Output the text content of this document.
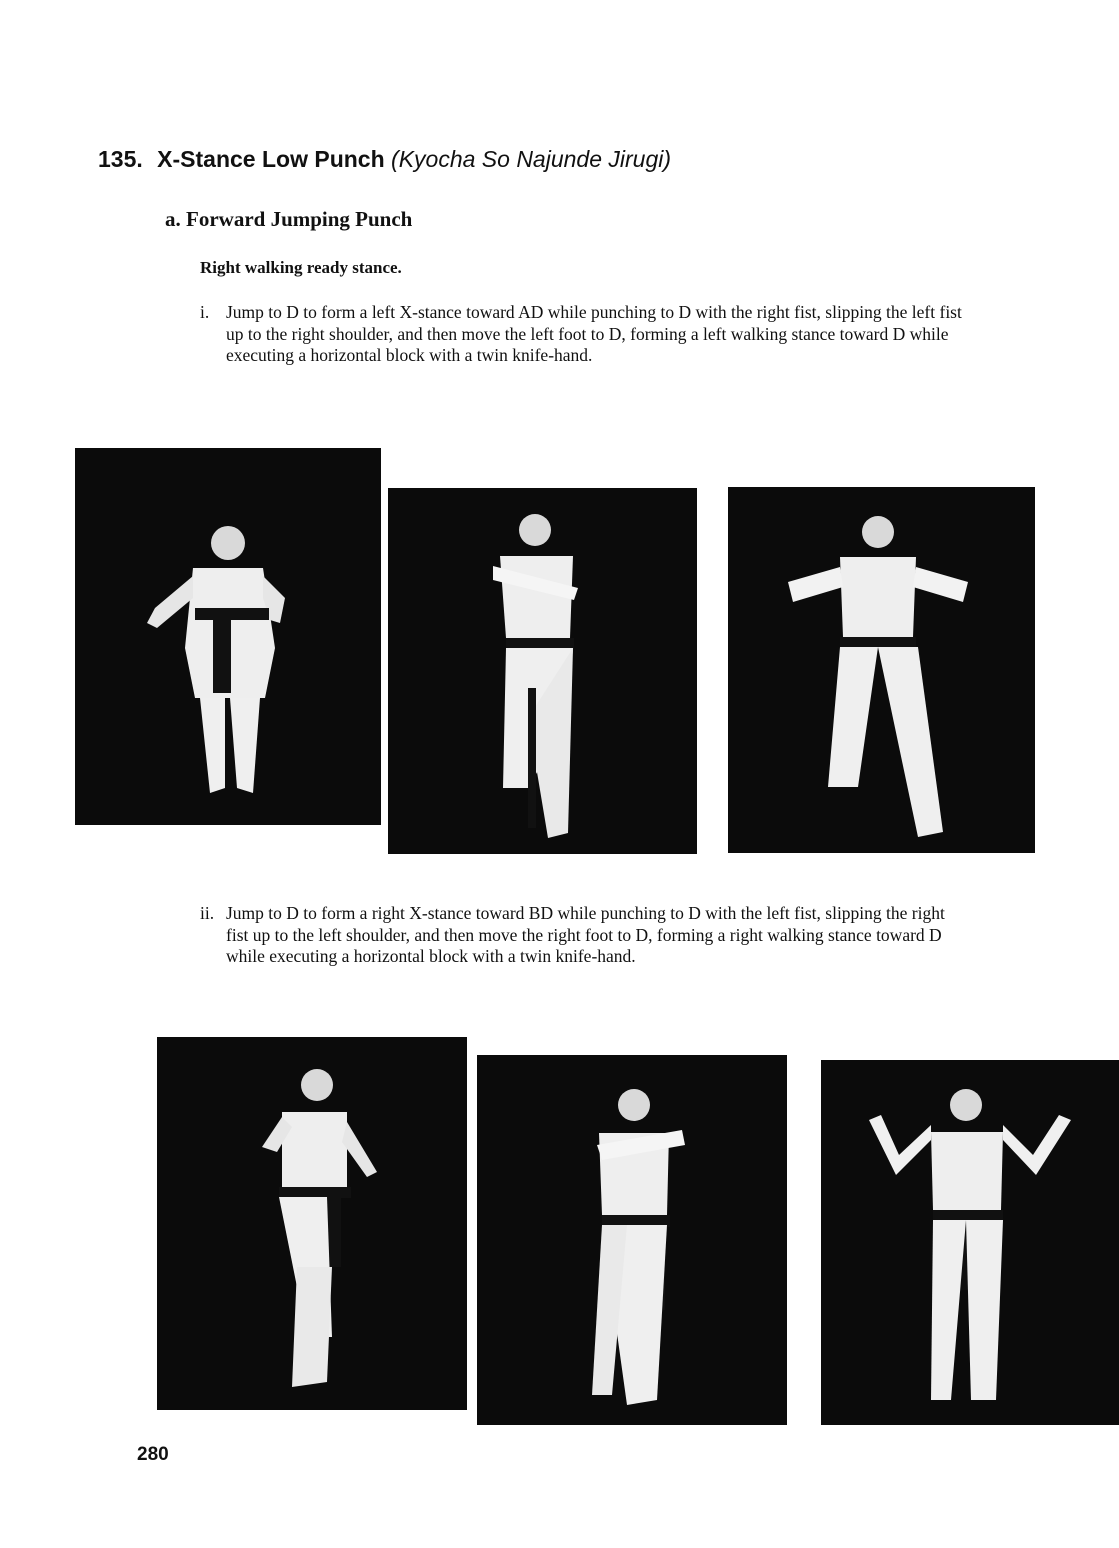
135. X-Stance Low Punch (Kyocha So Najunde Jirugi)
a. Forward Jumping Punch

Right walking ready stance.

i. Jump to D to form a left X-stance toward AD while punching to D with the right fist, slipping the left fist up to the right shoulder, and then move the left foot to D, forming a left walking stance toward D while executing a horizontal block with a twin knife-hand.

ii. Jump to D to form a right X-stance toward BD while punching to D with the left fist, slipping the right fist up to the left shoulder, and then move the right foot to D, forming a right walking stance toward D while executing a horizontal block with a twin knife-hand.

280
